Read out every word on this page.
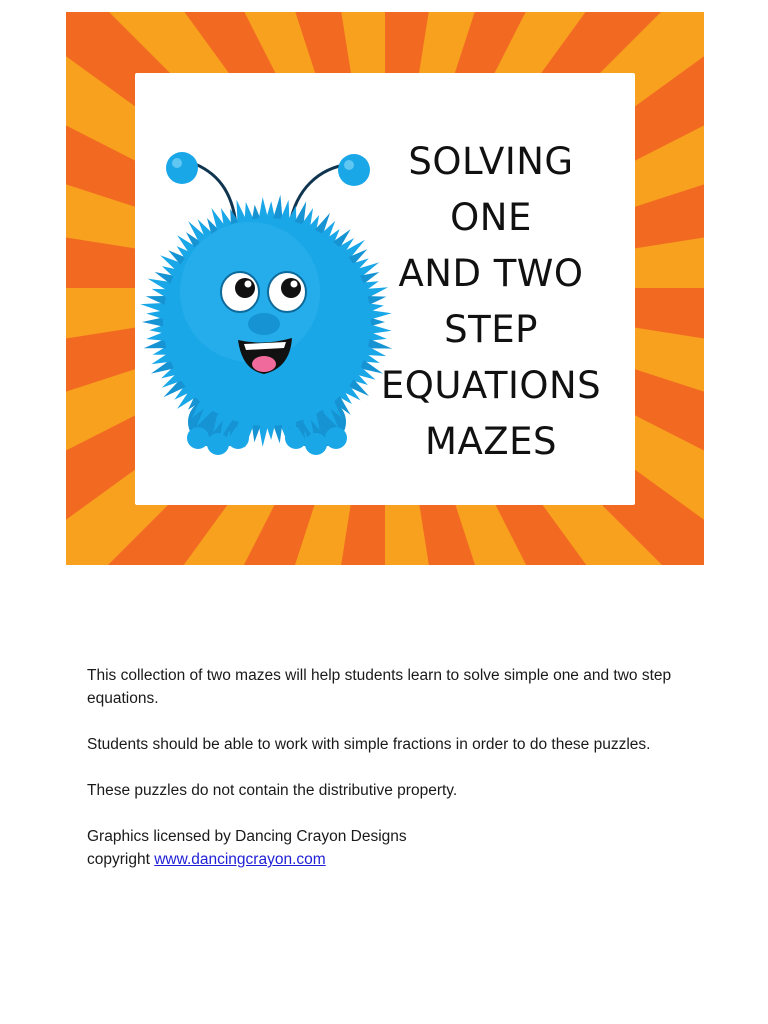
SOLVING
ONE
AND TWO
STEP
EQUATIONS
MAZES

This collection of two mazes will help students learn to solve simple one and two step equations.

Students should be able to work with simple fractions in order to do these puzzles.

These puzzles do not contain the distributive property.

Graphics licensed by Dancing Crayon Designs
copyright www.dancingcrayon.com
